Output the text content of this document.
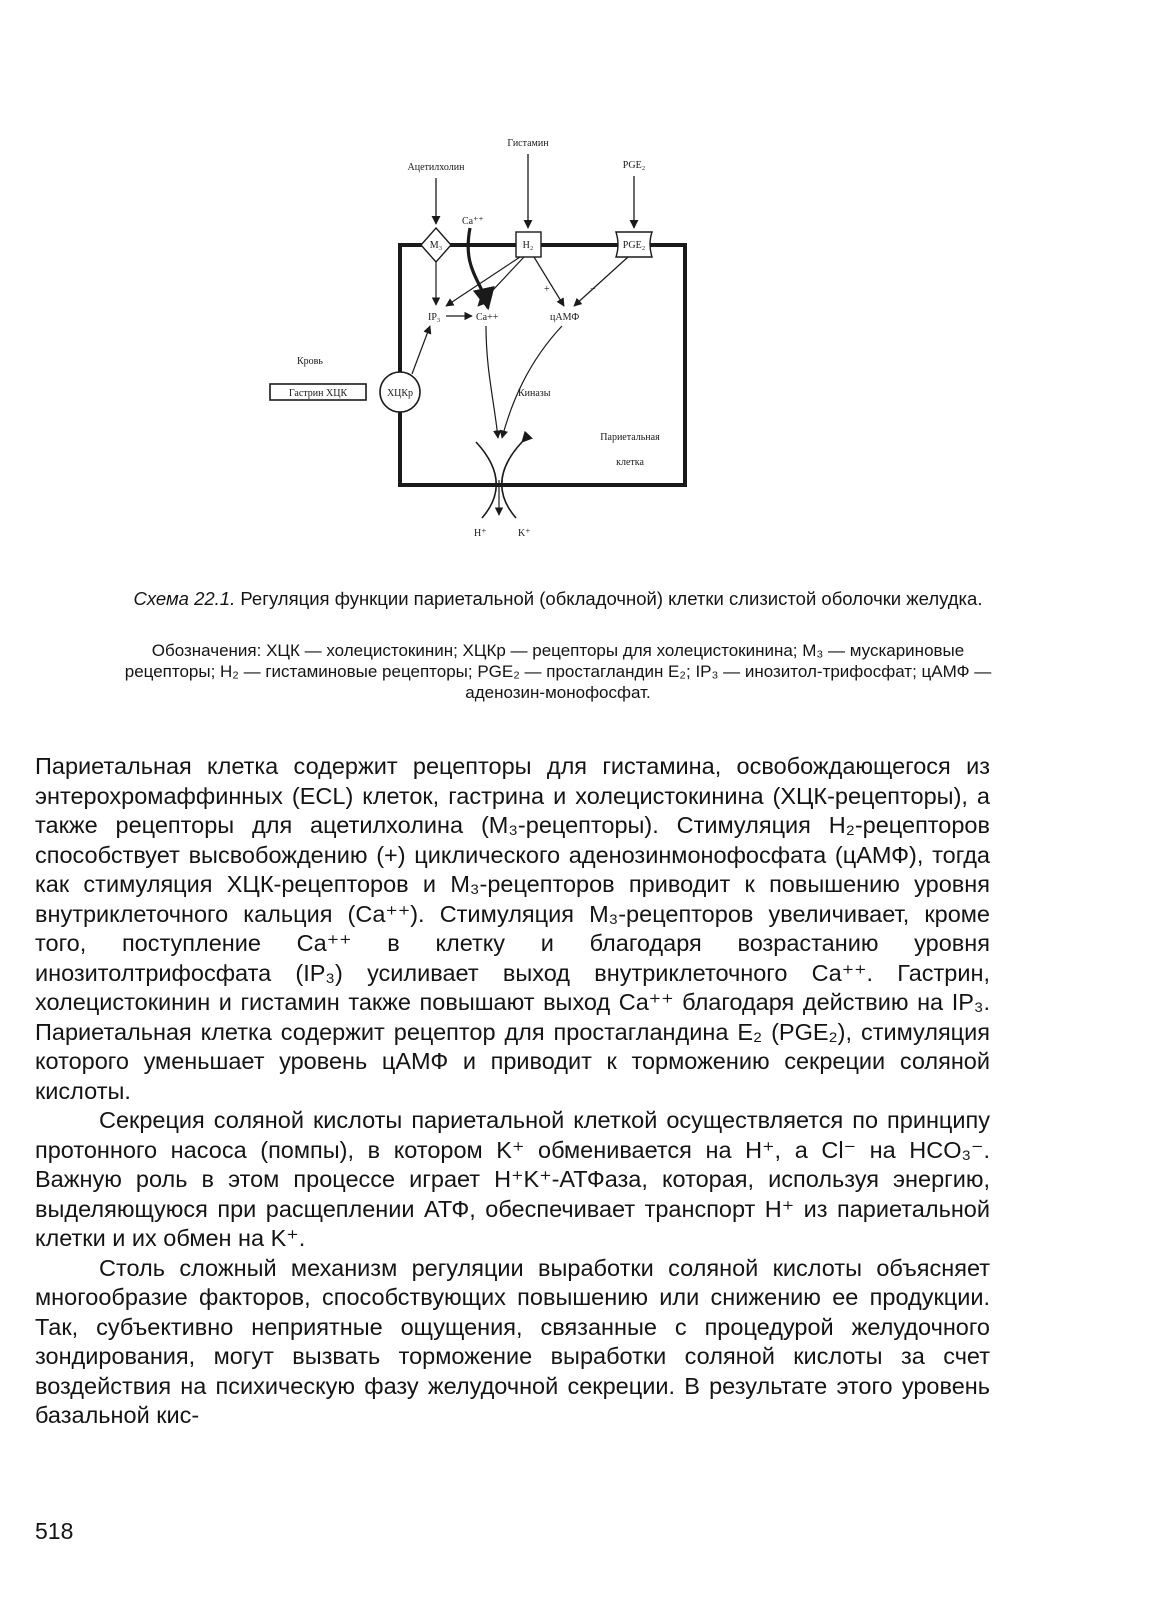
Ацетилхолин
Гистамин
PGE₂
M₃	H₂	PGE₂
Ca⁺⁺
+	−
IP₃	Ca++	цАМФ
Кровь
Гастрин ХЦК	ХЦКр	Киназы
Париетальная
клетка
H⁺	K⁺
Схема 22.1. Регуляция функции париетальной (обкладочной) клетки слизистой оболочки желудка.
Обозначения: ХЦК — холецистокинин; ХЦКр — рецепторы для холецистокинина; M₃ — мускариновые рецепторы; H₂ — гистаминовые рецепторы; PGE₂ — простагландин E₂; IP₃ — инозитол-трифосфат; цАМФ — аденозин-монофосфат.

Париетальная клетка содержит рецепторы для гистамина, освобождающегося из энтерохромаффинных (ECL) клеток, гастрина и холецистокинина (ХЦК-рецепторы), а также рецепторы для ацетилхолина (M₃-рецепторы). Стимуляция H₂-рецепторов способствует высвобождению (+) циклического аденозинмонофосфата (цАМФ), тогда как стимуляция ХЦК-рецепторов и M₃-рецепторов приводит к повышению уровня внутриклеточного кальция (Ca⁺⁺). Стимуляция M₃-рецепторов увеличивает, кроме того, поступление Ca⁺⁺ в клетку и благодаря возрастанию уровня инозитолтрифосфата (IP₃) усиливает выход внутриклеточного Ca⁺⁺. Гастрин, холецистокинин и гистамин также повышают выход Ca⁺⁺ благодаря действию на IP₃. Париетальная клетка содержит рецептор для простагландина E₂ (PGE₂), стимуляция которого уменьшает уровень цАМФ и приводит к торможению секреции соляной кислоты.

Секреция соляной кислоты париетальной клеткой осуществляется по принципу протонного насоса (помпы), в котором K⁺ обменивается на H⁺, а Cl⁻ на HCO₃⁻. Важную роль в этом процессе играет H⁺K⁺-АТФаза, которая, используя энергию, выделяющуюся при расщеплении АТФ, обеспечивает транспорт H⁺ из париетальной клетки и их обмен на K⁺.

Столь сложный механизм регуляции выработки соляной кислоты объясняет многообразие факторов, способствующих повышению или снижению ее продукции. Так, субъективно неприятные ощущения, связанные с процедурой желудочного зондирования, могут вызвать торможение выработки соляной кислоты за счет воздействия на психическую фазу желудочной секреции. В результате этого уровень базальной кис-

518
